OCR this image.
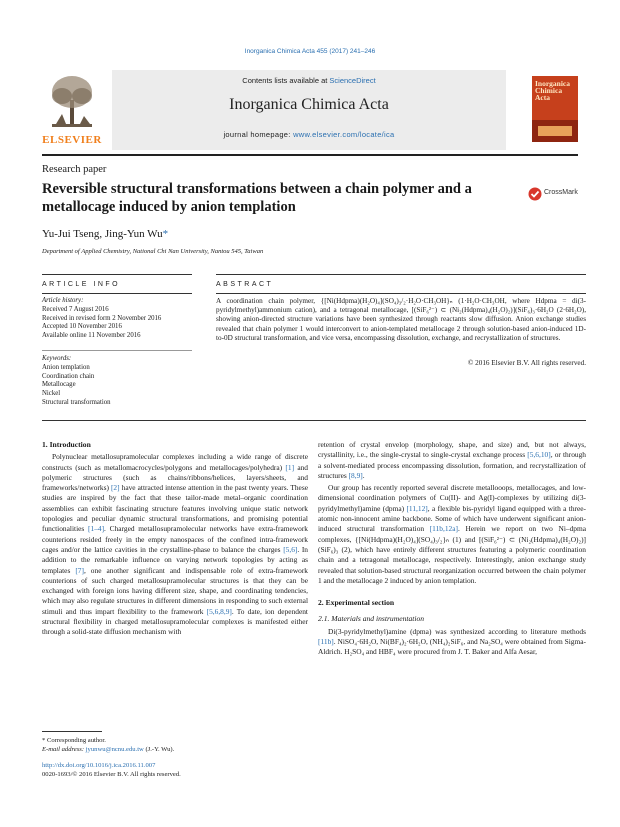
Inorganica Chimica Acta 455 (2017) 241–246
ELSEVIER
Contents lists available at ScienceDirect
Inorganica Chimica Acta
journal homepage: www.elsevier.com/locate/ica
Inorganica Chimica Acta
Research paper
Reversible structural transformations between a chain polymer and a metallocage induced by anion templation
CrossMark
Yu-Jui Tseng, Jing-Yun Wu*
Department of Applied Chemistry, National Chi Nan University, Nantou 545, Taiwan
ARTICLE INFO	ABSTRACT
Article history:
Received 7 August 2016
Received in revised form 2 November 2016
Accepted 10 November 2016
Available online 11 November 2016
Keywords:
Anion templation
Coordination chain
Metallocage
Nickel
Structural transformation
A coordination chain polymer, {[Ni(Hdpma)(H₂O)₄](SO₄)₃/₂·H₂O·CH₃OH}ₙ (1·H₂O·CH₃OH, where Hdpma = di(3-pyridylmethyl)ammonium cation), and a tetragonal metallocage, [(SiF₆²⁻) ⊂ (Ni₂(Hdpma)₄(H₂O)₂)](SiF₆)₃·6H₂O (2·6H₂O), showing anion-directed structure variations have been synthesized through reactants slow diffusion. Anion exchange studies revealed that chain polymer 1 would interconvert to anion-templated metallocage 2 through solution-based anion-induced 1D-to-0D structural transformation, and vice versa, encompassing dissolution, exchange, and recrystallization of structures.
© 2016 Elsevier B.V. All rights reserved.

1. Introduction

Polynuclear metallosupramolecular complexes including a wide range of discrete constructs (such as metallomacrocycles/polygons and metallocages/polyhedra) [1] and polymeric structures (such as chains/ribbons/helices, layers/sheets, and frameworks/networks) [2] have attracted intense attention in the past twenty years. These studies are inspired by the fact that these tailor-made metal–organic coordination assemblies can exhibit fascinating structure features involving unique static network topologies and peculiar dynamic structural transformations, and promising potential functionalities [1–4]. Charged metallosupramolecular networks have extra-framework counterions resided freely in the empty nanospaces of the confined intra-framework cages and/or the lattice cavities in the crystalline-phase to balance the charges [5,6]. In addition to the remarkable influence on varying network topologies by acting as templates [7], one another significant and indispensable role of extra-framework counterions of such charged metallosupramolecular structures is that they can be exchanged with foreign ions having different size, shape, and coordinating tendencies, which may also regulate structures in different dimensions in responding to such external stimuli and thus impart flexibility to the framework [5,6,8,9]. To date, ion dependent structural flexibility in charged metallosupramolecular complexes is manifested either through a solid-state diffusion mechanism with

retention of crystal envelop (morphology, shape, and size) and, but not always, crystallinity, i.e., the single-crystal to single-crystal exchange process [5,6,10], or through a solvent-mediated process encompassing dissolution, formation, and recrystallization of structures [8,9].

Our group has recently reported several discrete metallooops, metallocages, and low-dimensional coordination polymers of Cu(II)- and Ag(I)-complexes by utilizing di(3-pyridylmethyl)amine (dpma) [11,12], a flexible bis-pyridyl ligand equipped with a three-atomic non-innocent amine backbone. Some of which have underwent significant anion-induced structural transformation [11b,12a]. Herein we report on two Ni–dpma complexes, {[Ni(Hdpma)(H₂O)₄](SO₄)₃/₂}ₙ (1) and [(SiF₆²⁻) ⊂ (Ni₂(Hdpma)₄(H₂O)₂)](SiF₆)₃ (2), which have entirely different structures featuring a polymeric coordination chain and a tetragonal metallocage, respectively. Interestingly, anion exchange study revealed that solution-based structural reorganization occurred between the chain polymer 1 and the metallocage 2 induced by anion templation.

2. Experimental section

2.1. Materials and instrumentation

Di(3-pyridylmethyl)amine (dpma) was synthesized according to literature methods [11b]. NiSO₄·6H₂O, Ni(BF₄)₂·6H₂O, (NH₄)₂SiF₆, and Na₂SO₄ were obtained from Sigma-Aldrich. H₂SO₄ and HBF₄ were procured from J. T. Baker and Alfa Aesar,

* Corresponding author.
E-mail address: jyunwu@ncnu.edu.tw (J.-Y. Wu).
http://dx.doi.org/10.1016/j.ica.2016.11.007
0020-1693/© 2016 Elsevier B.V. All rights reserved.
